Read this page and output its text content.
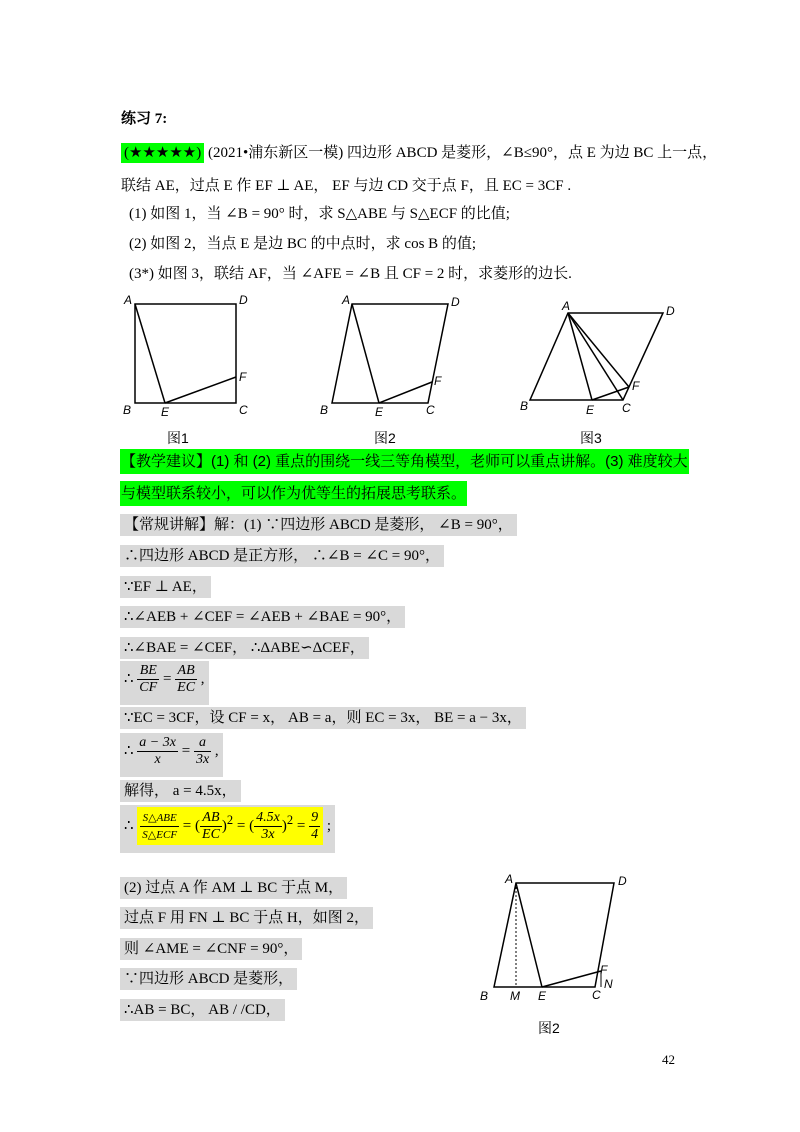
练习 7:
(★★★★★) (2021•浦东新区一模) 四边形 ABCD 是菱形，∠B≤90°，点 E 为边 BC 上一点，
联结 AE，过点 E 作 EF ⊥ AE， EF 与边 CD 交于点 F，且 EC = 3CF .
(1) 如图 1，当 ∠B = 90° 时，求 S△ABE 与 S△ECF 的比值;
(2) 如图 2，当点 E 是边 BC 的中点时，求 cos B 的值;
(3*) 如图 3，联结 AF，当 ∠AFE = ∠B 且 CF = 2 时，求菱形的边长.
A	D
B E	C
F
图1
A	D
B	E	C
F
图2
A	D
B	E C
F
图3
【教学建议】(1) 和 (2) 重点的围绕一线三等角模型，老师可以重点讲解。(3) 难度较大
与模型联系较小，可以作为优等生的拓展思考联系。
【常规讲解】解：(1) ∵四边形 ABCD 是菱形， ∠B = 90°，
∴四边形 ABCD 是正方形， ∴∠B = ∠C = 90°，
∵EF ⊥ AE，
∴∠AEB + ∠CEF = ∠AEB + ∠BAE = 90°，
∴∠BAE = ∠CEF， ∴ΔABE∽ΔCEF，
∴ $\frac{BE}{CF} = \frac{AB}{EC}$ ,
∵EC = 3CF，设 CF = x， AB = a，则 EC = 3x， BE = a − 3x，
∴ $\frac{a - 3x}{x} = \frac{a}{3x}$ ,
解得， a = 4.5x，
∴ $\frac{\text{S△ABE}}{\text{S△ECF}}$ = ( $\frac{AB}{EC} )^2$ = ( $\frac{4.5x}{3x} )^2 = \frac{9}{4}$ ;
(2) 过点 A 作 AM ⊥ BC 于点 M，
过点 F 用 FN ⊥ BC 于点 H，如图 2，
则 ∠AME = ∠CNF = 90°，
∵四边形 ABCD 是菱形，
∴AB = BC， AB / /CD，
A	D
B M E	C
F
N
图2
42
